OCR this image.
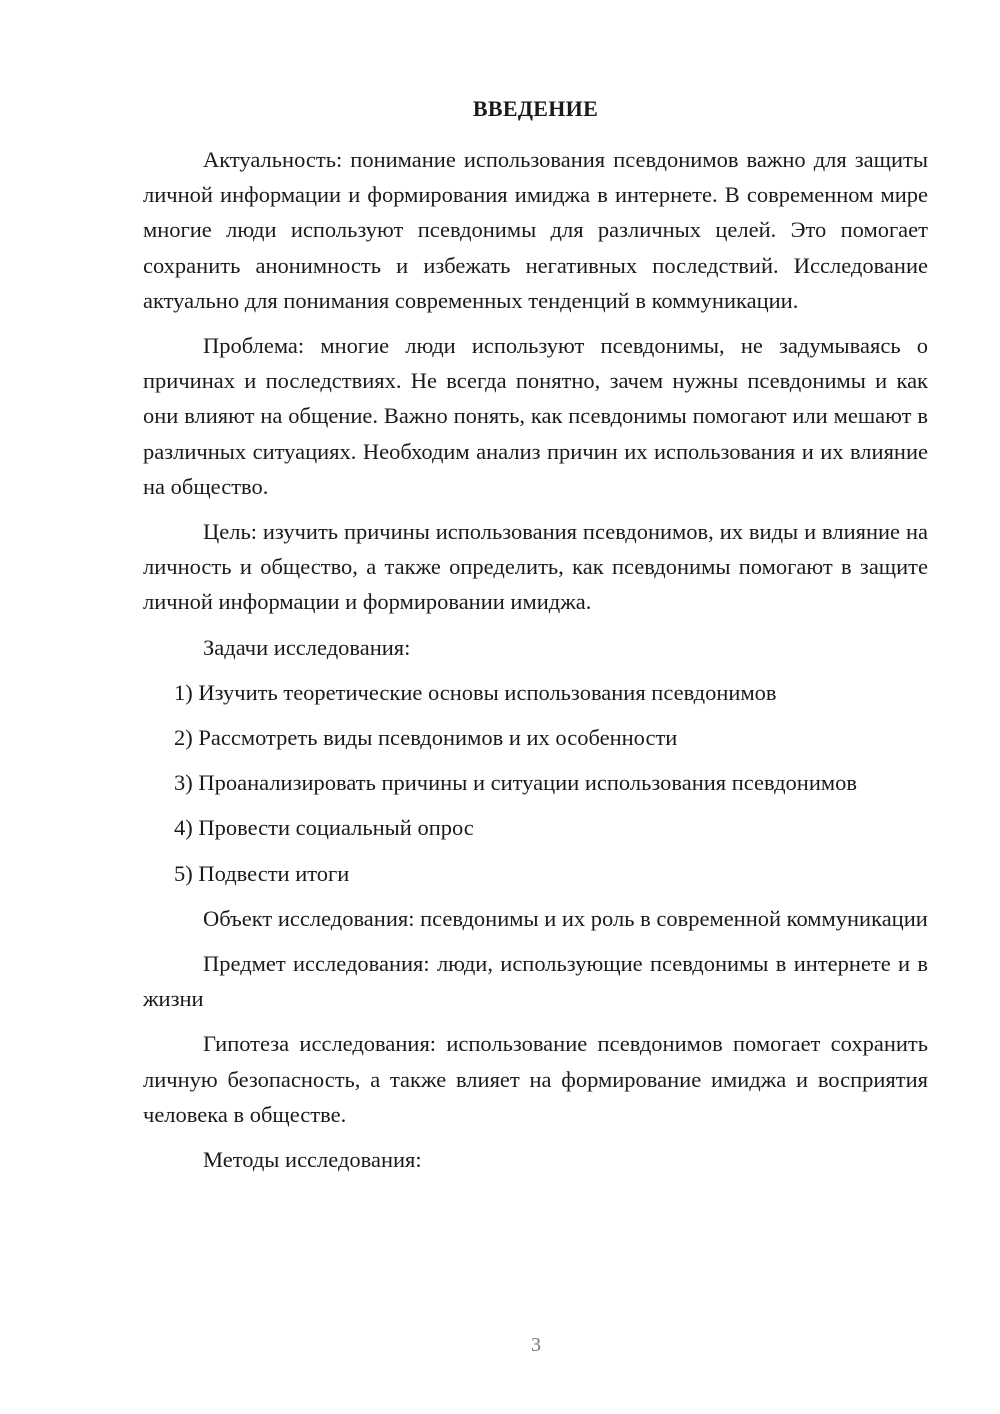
ВВЕДЕНИЕ

Актуальность: понимание использования псевдонимов важно для защиты личной информации и формирования имиджа в интернете. В современном мире многие люди используют псевдонимы для различных целей. Это помогает сохранить анонимность и избежать негативных последствий. Исследование актуально для понимания современных тенденций в коммуникации.

Проблема: многие люди используют псевдонимы, не задумываясь о причинах и последствиях. Не всегда понятно, зачем нужны псевдонимы и как они влияют на общение. Важно понять, как псевдонимы помогают или мешают в различных ситуациях. Необходим анализ причин их использования и их влияние на общество.

Цель: изучить причины использования псевдонимов, их виды и влияние на личность и общество, а также определить, как псевдонимы помогают в защите личной информации и формировании имиджа.

Задачи исследования:

1) Изучить теоретические основы использования псевдонимов

2) Рассмотреть виды псевдонимов и их особенности

3) Проанализировать причины и ситуации использования псевдонимов

4) Провести социальный опрос

5) Подвести итоги

Объект исследования: псевдонимы и их роль в современной коммуникации

Предмет исследования: люди, использующие псевдонимы в интернете и в жизни

Гипотеза исследования: использование псевдонимов помогает сохранить личную безопасность, а также влияет на формирование имиджа и восприятия человека в обществе.

Методы исследования:

3
